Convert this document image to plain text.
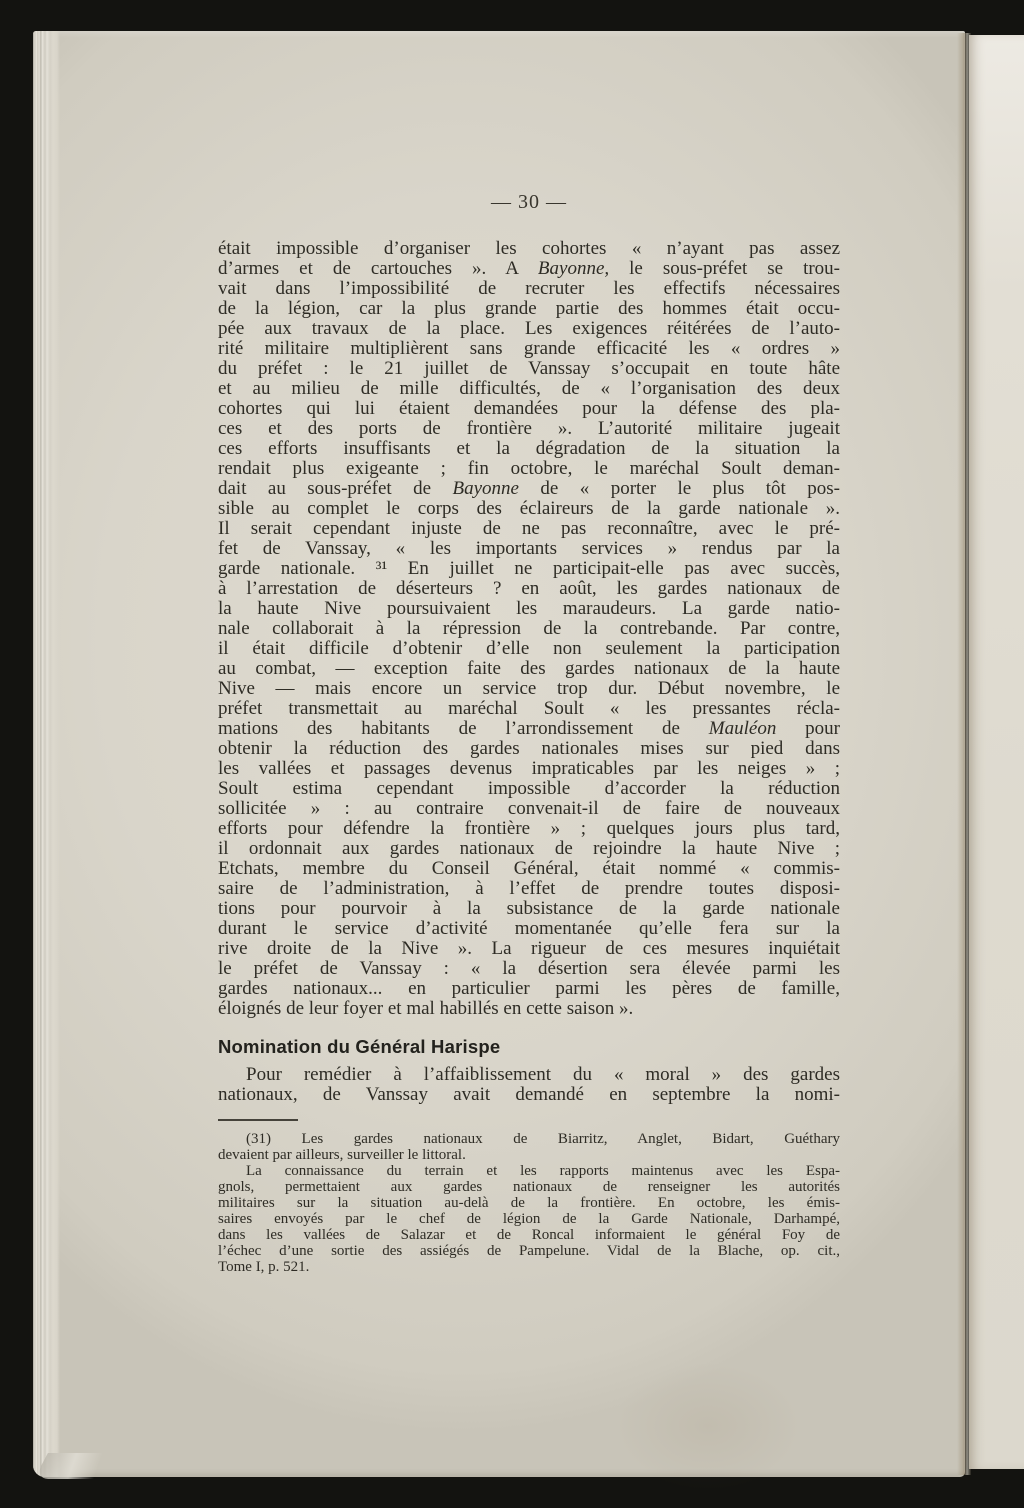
— 30 —
était impossible d’organiser les cohortes « n’ayant pas assez
d’armes et de cartouches ». A Bayonne, le sous-préfet se trou-
vait dans l’impossibilité de recruter les effectifs nécessaires
de la légion, car la plus grande partie des hommes était occu-
pée aux travaux de la place. Les exigences réitérées de l’auto-
rité militaire multiplièrent sans grande efficacité les « ordres »
du préfet : le 21 juillet de Vanssay s’occupait en toute hâte
et au milieu de mille difficultés, de « l’organisation des deux
cohortes qui lui étaient demandées pour la défense des pla-
ces et des ports de frontière ». L’autorité militaire jugeait
ces efforts insuffisants et la dégradation de la situation la
rendait plus exigeante ; fin octobre, le maréchal Soult deman-
dait au sous-préfet de Bayonne de « porter le plus tôt pos-
sible au complet le corps des éclaireurs de la garde nationale ».
Il serait cependant injuste de ne pas reconnaître, avec le pré-
fet de Vanssay, « les importants services » rendus par la
garde nationale. ³¹ En juillet ne participait-elle pas avec succès,
à l’arrestation de déserteurs ? en août, les gardes nationaux de
la haute Nive poursuivaient les maraudeurs. La garde natio-
nale collaborait à la répression de la contrebande. Par contre,
il était difficile d’obtenir d’elle non seulement la participation
au combat, — exception faite des gardes nationaux de la haute
Nive — mais encore un service trop dur. Début novembre, le
préfet transmettait au maréchal Soult « les pressantes récla-
mations des habitants de l’arrondissement de Mauléon pour
obtenir la réduction des gardes nationales mises sur pied dans
les vallées et passages devenus impraticables par les neiges » ;
Soult estima cependant impossible d’accorder la réduction
sollicitée » : au contraire convenait-il de faire de nouveaux
efforts pour défendre la frontière » ; quelques jours plus tard,
il ordonnait aux gardes nationaux de rejoindre la haute Nive ;
Etchats, membre du Conseil Général, était nommé « commis-
saire de l’administration, à l’effet de prendre toutes disposi-
tions pour pourvoir à la subsistance de la garde nationale
durant le service d’activité momentanée qu’elle fera sur la
rive droite de la Nive ». La rigueur de ces mesures inquiétait
le préfet de Vanssay : « la désertion sera élevée parmi les
gardes nationaux... en particulier parmi les pères de famille,
éloignés de leur foyer et mal habillés en cette saison ».
Nomination du Général Harispe
Pour remédier à l’affaiblissement du « moral » des gardes
nationaux, de Vanssay avait demandé en septembre la nomi-
(31) Les gardes nationaux de Biarritz, Anglet, Bidart, Guéthary
devaient par ailleurs, surveiller le littoral.
La connaissance du terrain et les rapports maintenus avec les Espa-
gnols, permettaient aux gardes nationaux de renseigner les autorités
militaires sur la situation au-delà de la frontière. En octobre, les émis-
saires envoyés par le chef de légion de la Garde Nationale, Darhampé,
dans les vallées de Salazar et de Roncal informaient le général Foy de
l’échec d’une sortie des assiégés de Pampelune. Vidal de la Blache, op. cit.,
Tome I, p. 521.
